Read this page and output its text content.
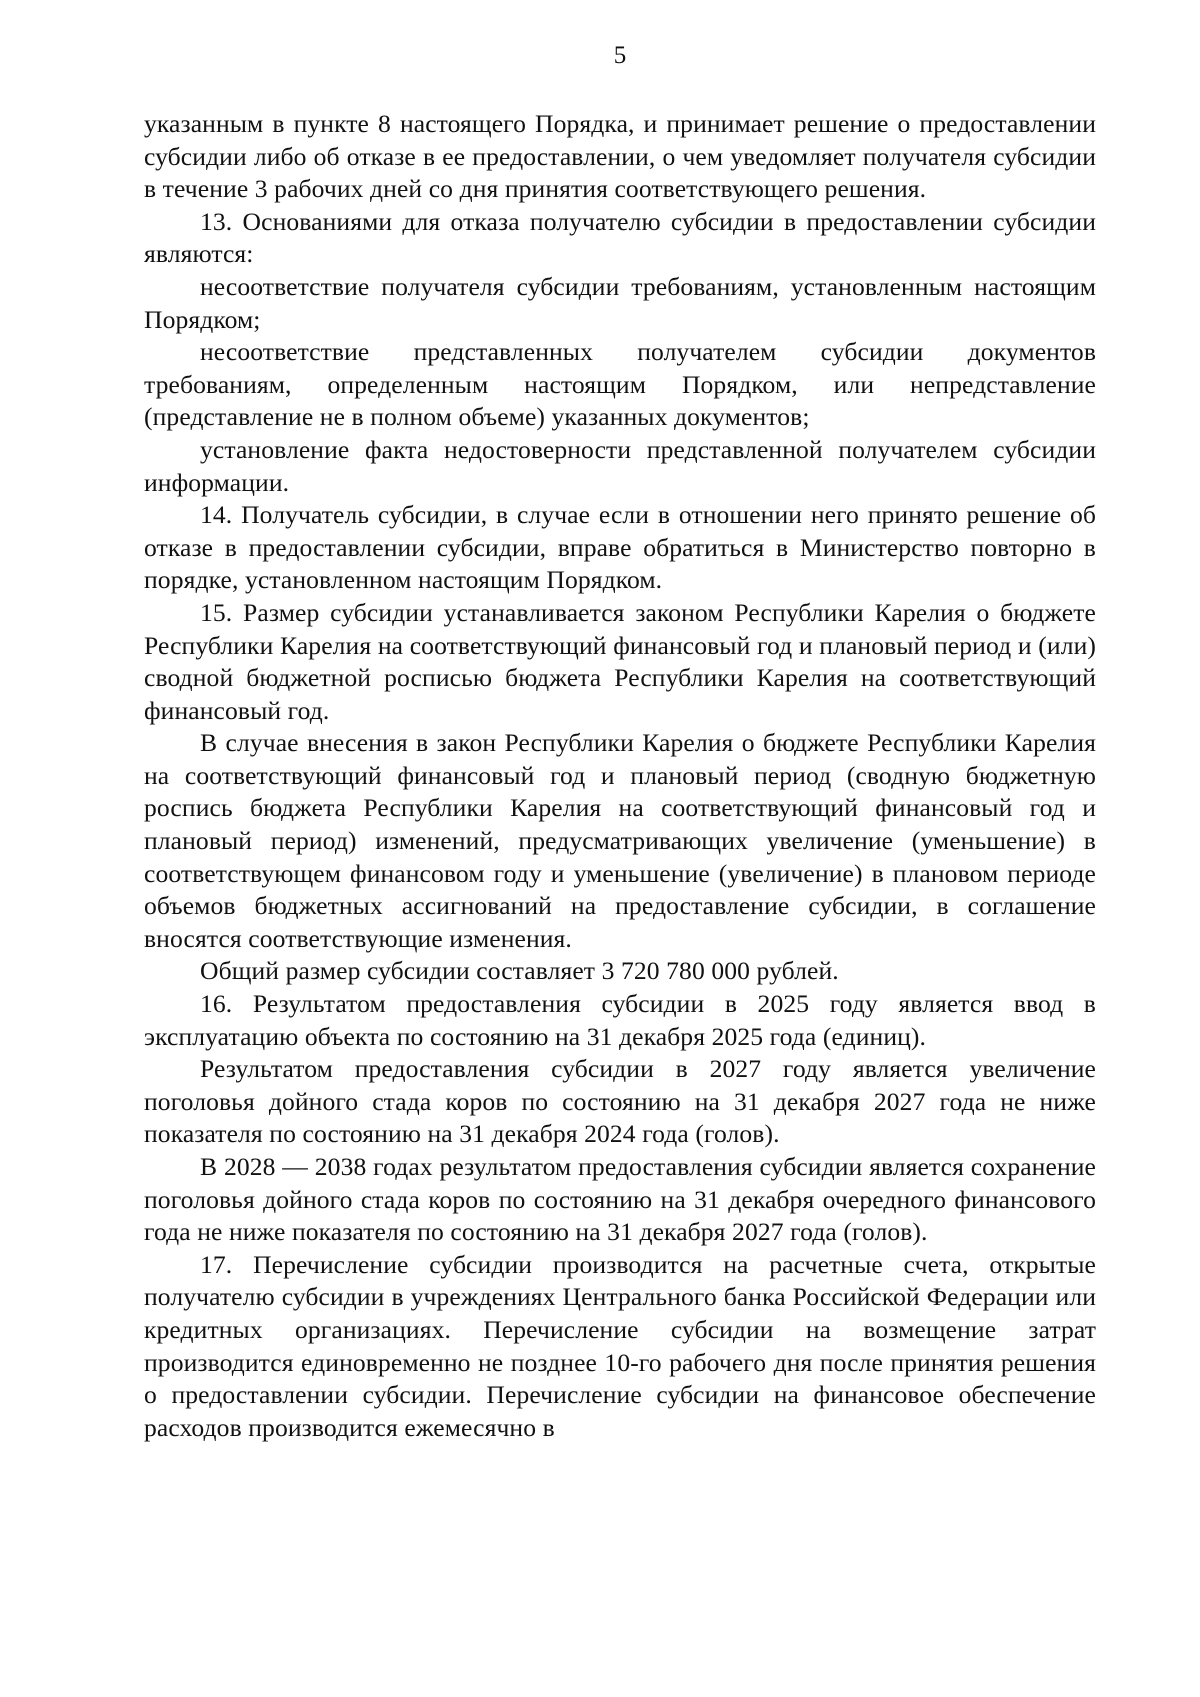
5

указанным в пункте 8 настоящего Порядка, и принимает решение о предоставлении субсидии либо об отказе в ее предоставлении, о чем уведомляет получателя субсидии в течение 3 рабочих дней со дня принятия соответствующего решения.

13. Основаниями для отказа получателю субсидии в предоставлении субсидии являются:

несоответствие получателя субсидии требованиям, установленным настоящим Порядком;

несоответствие представленных получателем субсидии документов требованиям, определенным настоящим Порядком, или непредставление (представление не в полном объеме) указанных документов;

установление факта недостоверности представленной получателем субсидии информации.

14. Получатель субсидии, в случае если в отношении него принято решение об отказе в предоставлении субсидии, вправе обратиться в Министерство повторно в порядке, установленном настоящим Порядком.

15. Размер субсидии устанавливается законом Республики Карелия о бюджете Республики Карелия на соответствующий финансовый год и плановый период и (или) сводной бюджетной росписью бюджета Республики Карелия на соответствующий финансовый год.

В случае внесения в закон Республики Карелия о бюджете Республики Карелия на соответствующий финансовый год и плановый период (сводную бюджетную роспись бюджета Республики Карелия на соответствующий финансовый год и плановый период) изменений, предусматривающих увеличение (уменьшение) в соответствующем финансовом году и уменьшение (увеличение) в плановом периоде объемов бюджетных ассигнований на предоставление субсидии, в соглашение вносятся соответствующие изменения.

Общий размер субсидии составляет 3 720 780 000 рублей.

16. Результатом предоставления субсидии в 2025 году является ввод в эксплуатацию объекта по состоянию на 31 декабря 2025 года (единиц).

Результатом предоставления субсидии в 2027 году является увеличение поголовья дойного стада коров по состоянию на 31 декабря 2027 года не ниже показателя по состоянию на 31 декабря 2024 года (голов).

В 2028 — 2038 годах результатом предоставления субсидии является сохранение поголовья дойного стада коров по состоянию на 31 декабря очередного финансового года не ниже показателя по состоянию на 31 декабря 2027 года (голов).

17. Перечисление субсидии производится на расчетные счета, открытые получателю субсидии в учреждениях Центрального банка Российской Федерации или кредитных организациях. Перечисление субсидии на возмещение затрат производится единовременно не позднее 10-го рабочего дня после принятия решения о предоставлении субсидии. Перечисление субсидии на финансовое обеспечение расходов производится ежемесячно в
